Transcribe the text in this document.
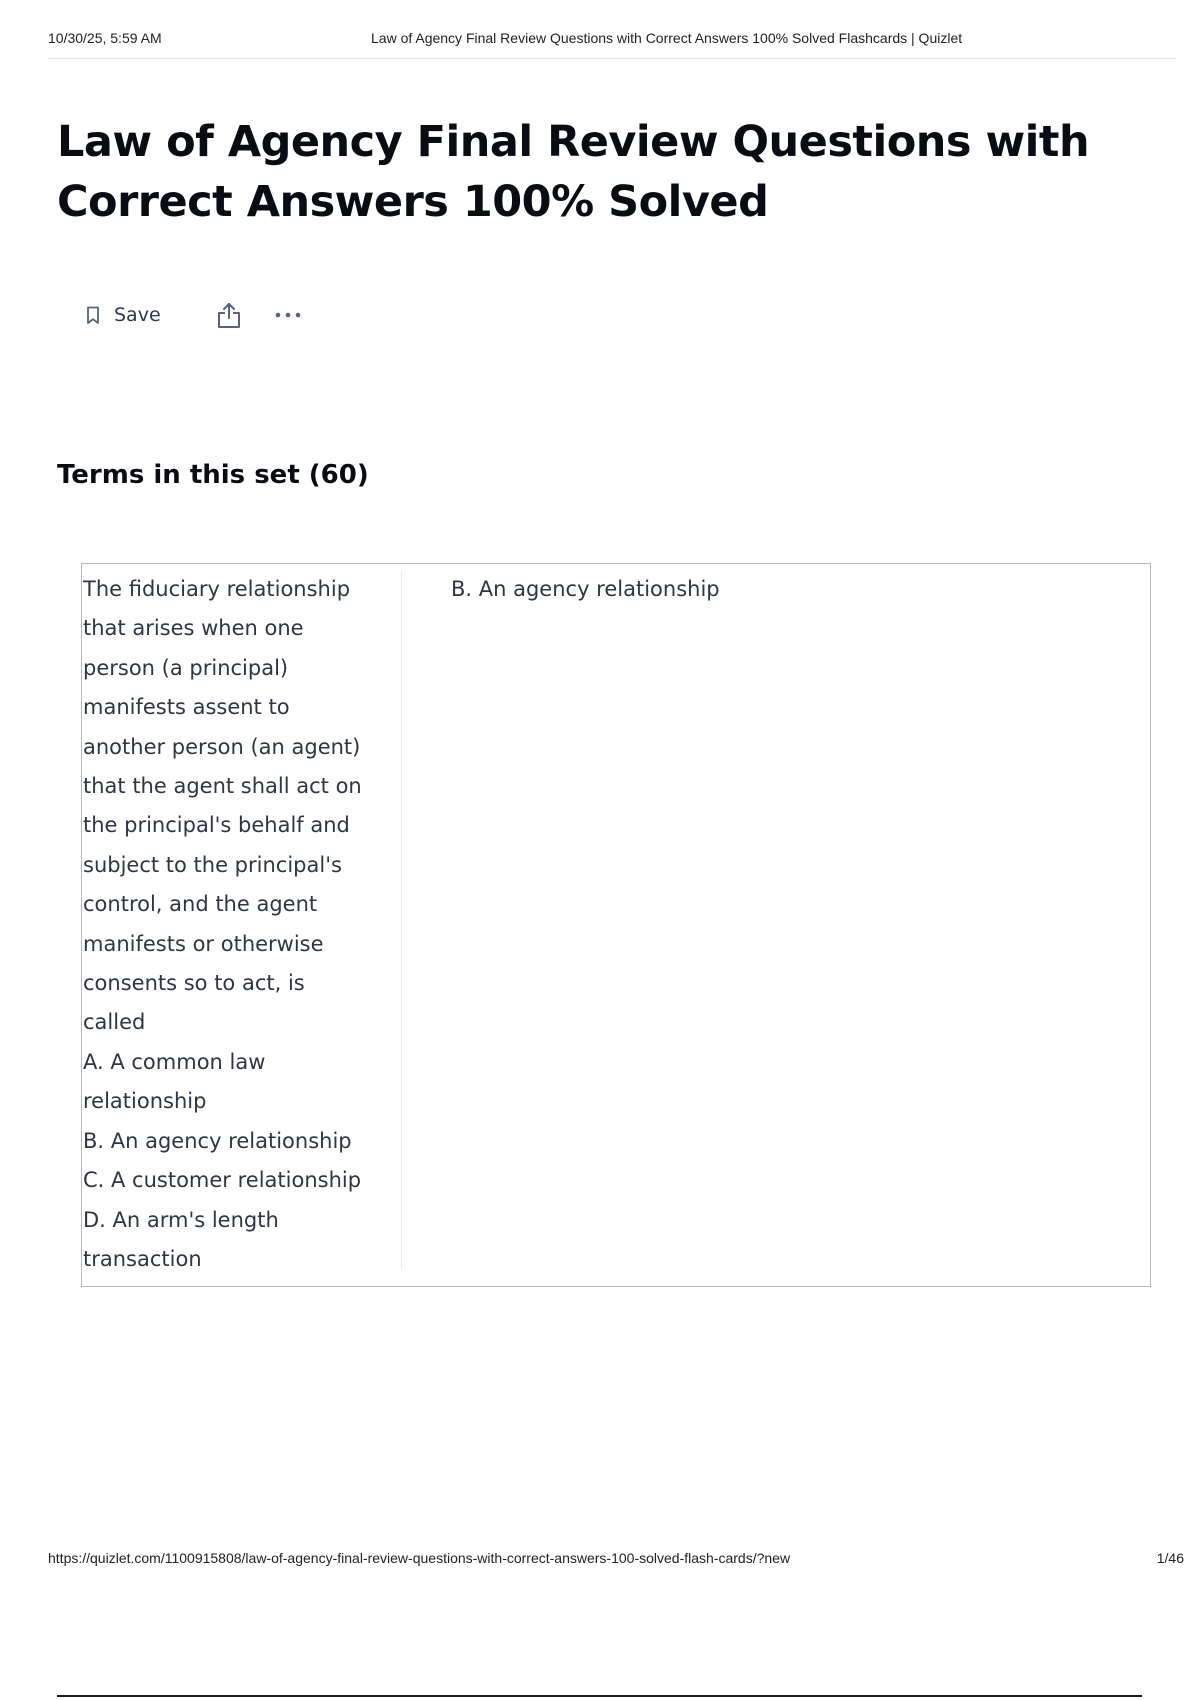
10/30/25, 5:59 AM	Law of Agency Final Review Questions with Correct Answers 100% Solved Flashcards | Quizlet
Law of Agency Final Review Questions with Correct Answers 100% Solved
Save
Terms in this set (60)

The fiduciary relationship
that arises when one
person (a principal)
manifests assent to
another person (an agent)
that the agent shall act on
the principal's behalf and
subject to the principal's
control, and the agent
manifests or otherwise
consents so to act, is
called
A. A common law
relationship
B. An agency relationship
C. A customer relationship
D. An arm's length
transaction

B. An agency relationship

https://quizlet.com/1100915808/law-of-agency-final-review-questions-with-correct-answers-100-solved-flash-cards/?new	1/46
